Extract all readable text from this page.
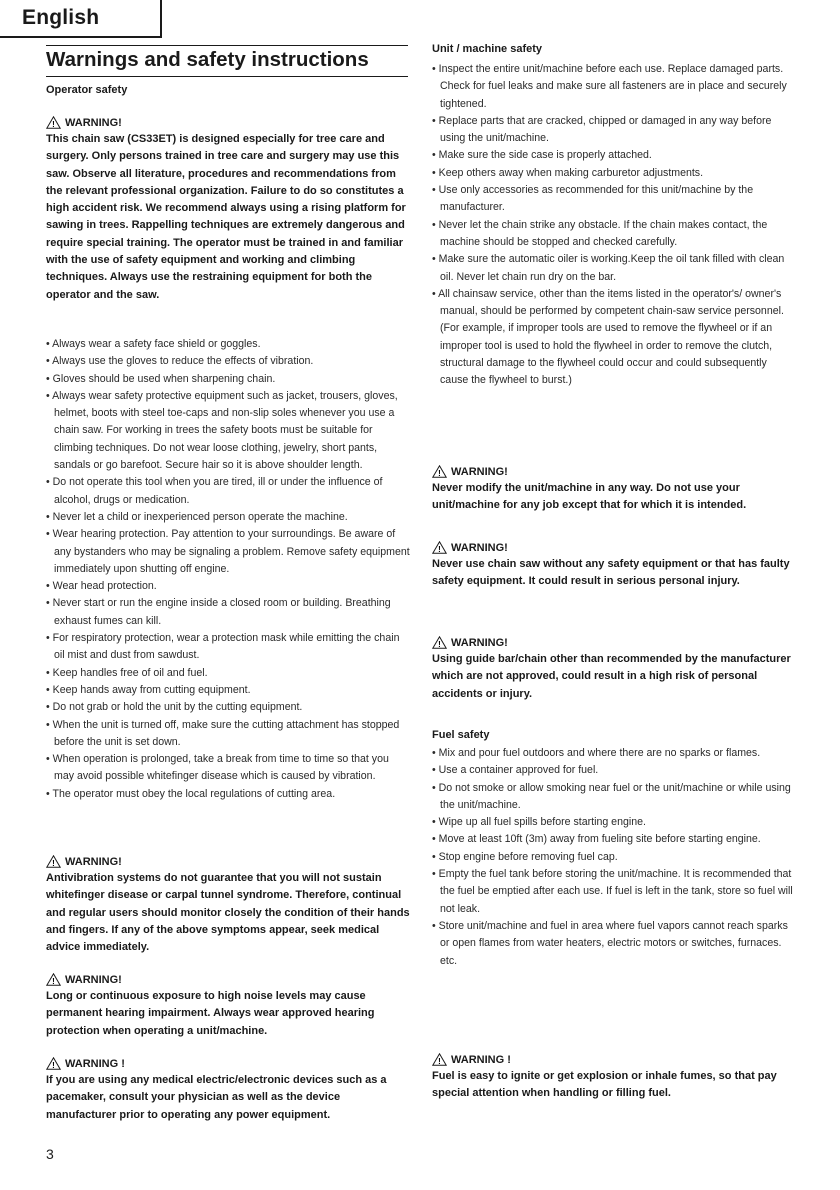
English
Warnings and safety instructions

Operator safety

! WARNING!

This chain saw (CS33ET) is designed especially for tree care and surgery. Only persons trained in tree care and surgery may use this saw. Observe all literature, procedures and recommendations from the relevant professional organization. Failure to do so constitutes a high accident risk. We recommend always using a rising platform for sawing in trees. Rappelling techniques are extremely dangerous and require special training. The operator must be trained in and familiar with the use of safety equipment and working and climbing techniques. Always use the restraining equipment for both the operator and the saw.

• Always wear a safety face shield or goggles.
• Always use the gloves to reduce the effects of vibration.
• Gloves should be used when sharpening chain.
• Always wear safety protective equipment such as jacket, trousers, gloves, helmet, boots with steel toe-caps and non-slip soles whenever you use a chain saw. For working in trees the safety boots must be suitable for climbing techniques. Do not wear loose clothing, jewelry, short pants, sandals or go barefoot. Secure hair so it is above shoulder length.
• Do not operate this tool when you are tired, ill or under the influence of alcohol, drugs or medication.
• Never let a child or inexperienced person operate the machine.
• Wear hearing protection. Pay attention to your surroundings. Be aware of any bystanders who may be signaling a problem. Remove safety equipment immediately upon shutting off engine.
• Wear head protection.
• Never start or run the engine inside a closed room or building. Breathing exhaust fumes can kill.
• For respiratory protection, wear a protection mask while emitting the chain oil mist and dust from sawdust.
• Keep handles free of oil and fuel.
• Keep hands away from cutting equipment.
• Do not grab or hold the unit by the cutting equipment.
• When the unit is turned off, make sure the cutting attachment has stopped before the unit is set down.
• When operation is prolonged, take a break from time to time so that you may avoid possible whitefinger disease which is caused by vibration.
• The operator must obey the local regulations of cutting area.
! WARNING!

Antivibration systems do not guarantee that you will not sustain whitefinger disease or carpal tunnel syndrome. Therefore, continual and regular users should monitor closely the condition of their hands and fingers. If any of the above symptoms appear, seek medical advice immediately.

! WARNING!

Long or continuous exposure to high noise levels may cause permanent hearing impairment. Always wear approved hearing protection when operating a unit/machine.

! WARNING !

If you are using any medical electric/electronic devices such as a pacemaker, consult your physician as well as the device manufacturer prior to operating any power equipment.

Unit / machine safety

• Inspect the entire unit/machine before each use. Replace damaged parts. Check for fuel leaks and make sure all fasteners are in place and securely tightened.
• Replace parts that are cracked, chipped or damaged in any way before using the unit/machine.
• Make sure the side case is properly attached.
• Keep others away when making carburetor adjustments.
• Use only accessories as recommended for this unit/machine by the manufacturer.
• Never let the chain strike any obstacle. If the chain makes contact, the machine should be stopped and checked carefully.
• Make sure the automatic oiler is working.Keep the oil tank filled with clean oil. Never let chain run dry on the bar.
• All chainsaw service, other than the items listed in the operator's/ owner's manual, should be performed by competent chain-saw service personnel. (For example, if improper tools are used to remove the flywheel or if an improper tool is used to hold the flywheel in order to remove the clutch, structural damage to the flywheel could occur and could subsequently cause the flywheel to burst.)
! WARNING!

Never modify the unit/machine in any way. Do not use your unit/machine for any job except that for which it is intended.

! WARNING!

Never use chain saw without any safety equipment or that has faulty safety equipment. It could result in serious personal injury.

! WARNING!

Using guide bar/chain other than recommended by the manufacturer which are not approved, could result in a high risk of personal accidents or injury.

Fuel safety

• Mix and pour fuel outdoors and where there are no sparks or flames.
• Use a container approved for fuel.
• Do not smoke or allow smoking near fuel or the unit/machine or while using the unit/machine.
• Wipe up all fuel spills before starting engine.
• Move at least 10ft (3m) away from fueling site before starting engine.
• Stop engine before removing fuel cap.
• Empty the fuel tank before storing the unit/machine. It is recommended that the fuel be emptied after each use. If fuel is left in the tank, store so fuel will not leak.
• Store unit/machine and fuel in area where fuel vapors cannot reach sparks or open flames from water heaters, electric motors or switches, furnaces. etc.
! WARNING !

Fuel is easy to ignite or get explosion or inhale fumes, so that pay special attention when handling or filling fuel.

3
